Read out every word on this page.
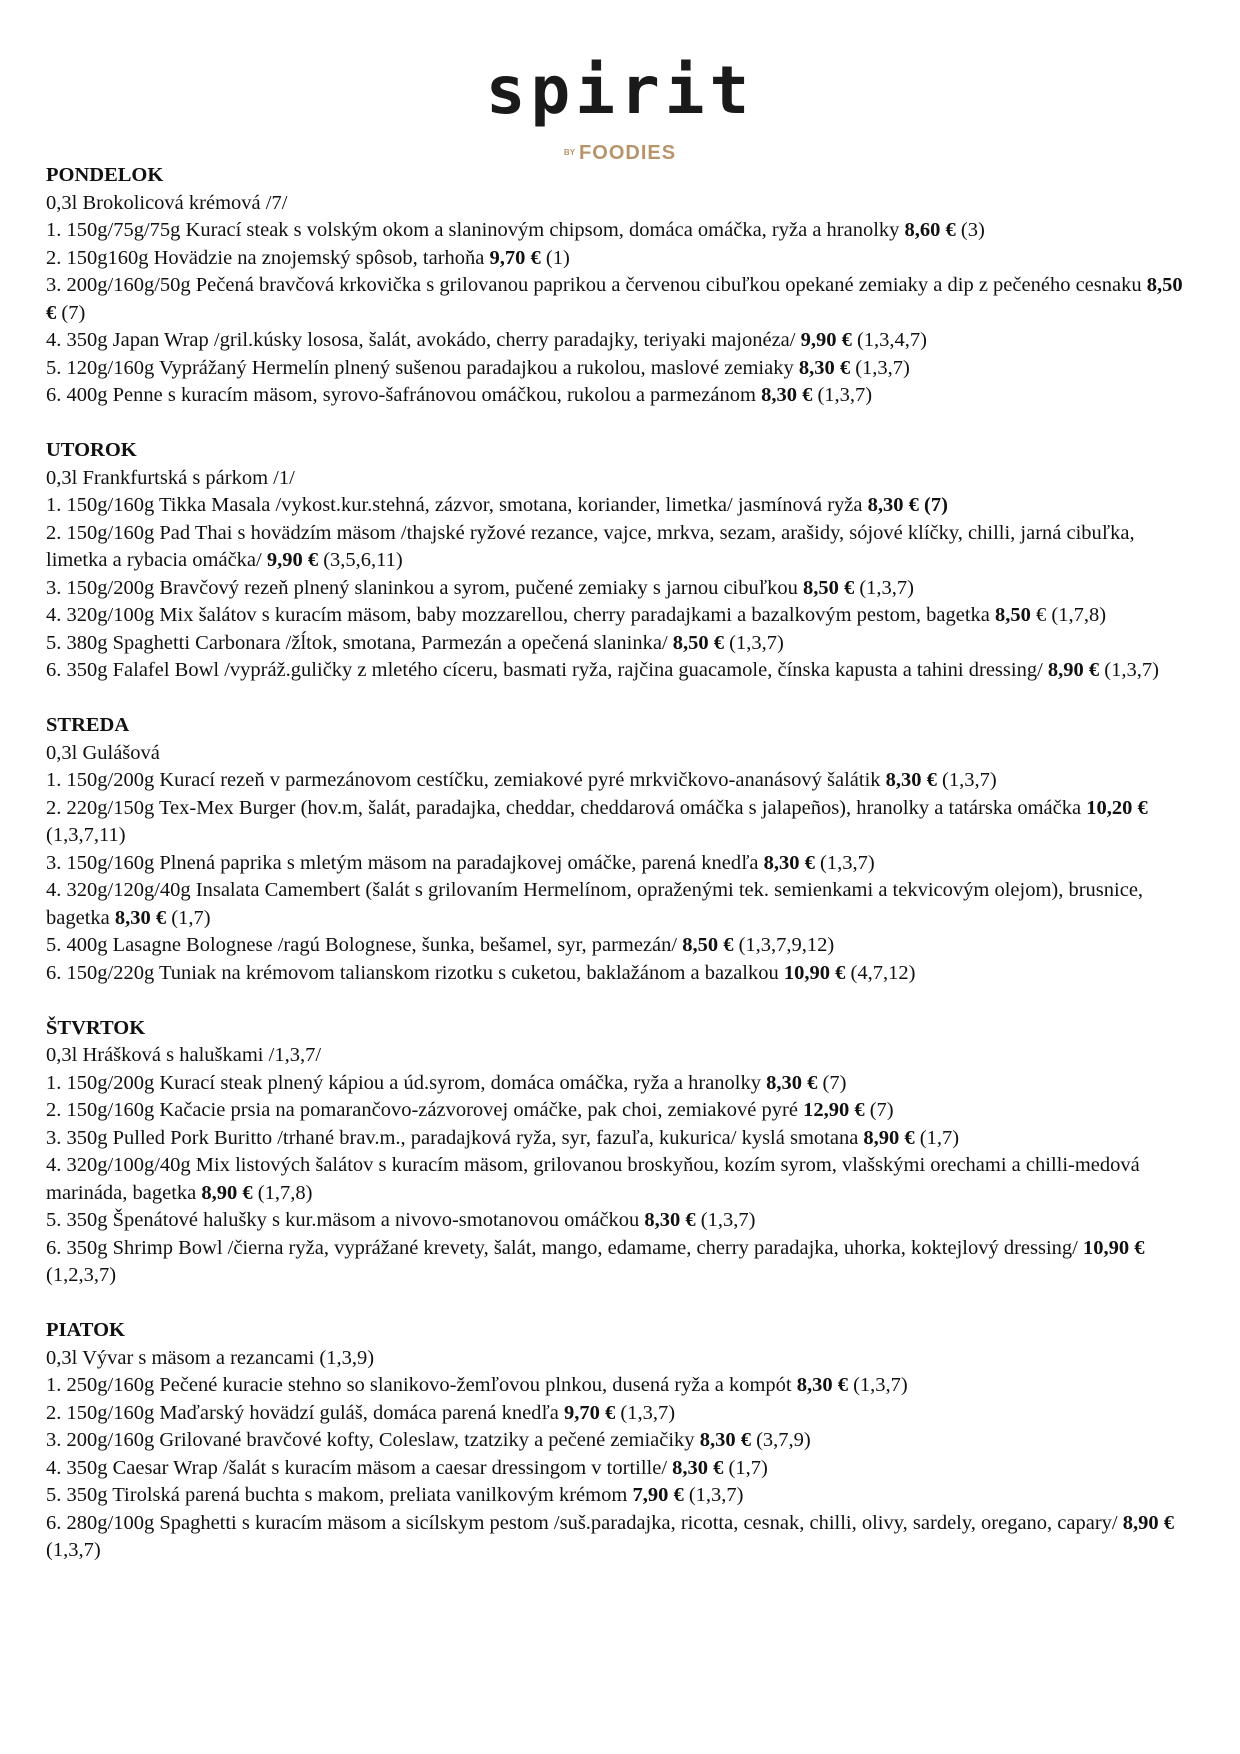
spirit
BY FOODIES
PONDELOK
0,3l Brokolicová krémová /7/
1. 150g/75g/75g Kurací steak s volským okom a slaninovým chipsom, domáca omáčka, ryža a hranolky 8,60 € (3)
2. 150g160g Hovädzie na znojemský spôsob, tarhoňa 9,70 € (1)
3. 200g/160g/50g Pečená bravčová krkovička s grilovanou paprikou a červenou cibuľkou opekané zemiaky a dip z pečeného cesnaku 8,50 € (7)
4. 350g Japan Wrap /gril.kúsky lososa, šalát, avokádo, cherry paradajky, teriyaki majonéza/ 9,90 € (1,3,4,7)
5. 120g/160g Vyprážaný Hermelín plnený sušenou paradajkou a rukolou, maslové zemiaky 8,30 € (1,3,7)
6. 400g Penne s kuracím mäsom, syrovo-šafránovou omáčkou, rukolou a parmezánom 8,30 € (1,3,7)
UTOROK
0,3l Frankfurtská s párkom /1/
1. 150g/160g Tikka Masala /vykost.kur.stehná, zázvor, smotana, koriander, limetka/ jasmínová ryža 8,30 € (7)
2. 150g/160g Pad Thai s hovädzím mäsom /thajské ryžové rezance, vajce, mrkva, sezam, arašidy, sójové klíčky, chilli, jarná cibuľka, limetka a rybacia omáčka/ 9,90 € (3,5,6,11)
3. 150g/200g Bravčový rezeň plnený slaninkou a syrom, pučené zemiaky s jarnou cibuľkou 8,50 € (1,3,7)
4. 320g/100g Mix šalátov s kuracím mäsom, baby mozzarellou, cherry paradajkami a bazalkovým pestom, bagetka 8,50 € (1,7,8)
5. 380g Spaghetti Carbonara /žĺtok, smotana, Parmezán a opečená slaninka/ 8,50 € (1,3,7)
6. 350g Falafel Bowl /vypráž.guličky z mletého cíceru, basmati ryža, rajčina guacamole, čínska kapusta a tahini dressing/ 8,90 € (1,3,7)
STREDA
0,3l Gulášová
1. 150g/200g Kurací rezeň v parmezánovom cestíčku, zemiakové pyré mrkvičkovo-ananásový šalátik 8,30 € (1,3,7)
2. 220g/150g Tex-Mex Burger (hov.m, šalát, paradajka, cheddar, cheddarová omáčka s jalapeños), hranolky a tatárska omáčka 10,20 € (1,3,7,11)
3. 150g/160g Plnená paprika s mletým mäsom na paradajkovej omáčke, parená knedľa 8,30 € (1,3,7)
4. 320g/120g/40g Insalata Camembert (šalát s grilovaním Hermelínom, opraženými tek. semienkami a tekvicovým olejom), brusnice, bagetka 8,30 € (1,7)
5. 400g Lasagne Bolognese /ragú Bolognese, šunka, bešamel, syr, parmezán/ 8,50 € (1,3,7,9,12)
6. 150g/220g Tuniak na krémovom talianskom rizotku s cuketou, baklažánom a bazalkou 10,90 € (4,7,12)
ŠTVRTOK
0,3l Hrášková s haluškami /1,3,7/
1. 150g/200g Kurací steak plnený kápiou a úd.syrom, domáca omáčka, ryža a hranolky 8,30 € (7)
2. 150g/160g Kačacie prsia na pomarančovo-zázvorovej omáčke, pak choi, zemiakové pyré 12,90 € (7)
3. 350g Pulled Pork Buritto /trhané brav.m., paradajková ryža, syr, fazuľa, kukurica/ kyslá smotana 8,90 € (1,7)
4. 320g/100g/40g Mix listových šalátov s kuracím mäsom, grilovanou broskyňou, kozím syrom, vlašskými orechami a chilli-medová marináda, bagetka 8,90 € (1,7,8)
5. 350g Špenátové halušky s kur.mäsom a nivovo-smotanovou omáčkou 8,30 € (1,3,7)
6. 350g Shrimp Bowl /čierna ryža, vyprážané krevety, šalát, mango, edamame, cherry paradajka, uhorka, koktejlový dressing/ 10,90 € (1,2,3,7)
PIATOK
0,3l Vývar s mäsom a rezancami (1,3,9)
1. 250g/160g Pečené kuracie stehno so slanikovo-žemľovou plnkou, dusená ryža a kompót 8,30 € (1,3,7)
2. 150g/160g Maďarský hovädzí guláš, domáca parená knedľa 9,70 € (1,3,7)
3. 200g/160g Grilované bravčové kofty, Coleslaw, tzatziky a pečené zemiačiky 8,30 € (3,7,9)
4. 350g Caesar Wrap /šalát s kuracím mäsom a caesar dressingom v tortille/ 8,30 € (1,7)
5. 350g Tirolská parená buchta s makom, preliata vanilkovým krémom 7,90 € (1,3,7)
6. 280g/100g Spaghetti s kuracím mäsom a sicílskym pestom /suš.paradajka, ricotta, cesnak, chilli, olivy, sardely, oregano, capary/ 8,90 € (1,3,7)
